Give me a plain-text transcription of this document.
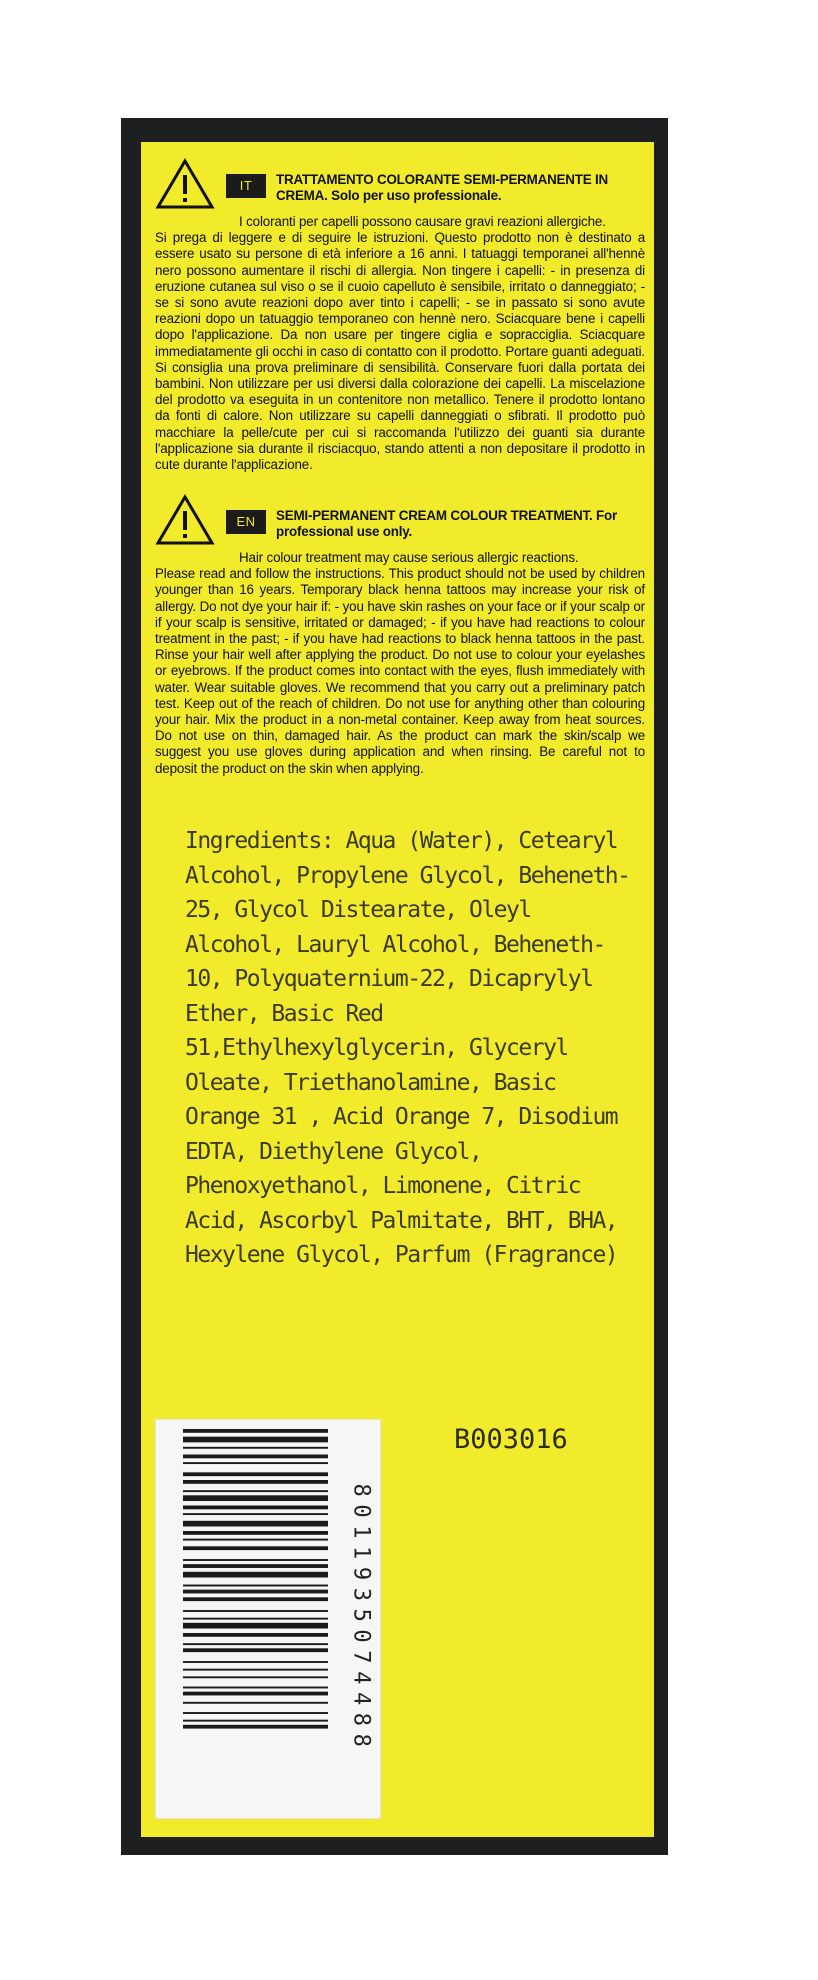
IT	TRATTAMENTO COLORANTE SEMI-PERMANENTE IN CREMA. Solo per uso professionale.
I coloranti per capelli possono causare gravi reazioni allergiche.
Si prega di leggere e di seguire le istruzioni. Questo prodotto non è destinato a essere usato su persone di età inferiore a 16 anni. I tatuaggi temporanei all'hennè nero possono aumentare il rischi di allergia. Non tingere i capelli: - in presenza di eruzione cutanea sul viso o se il cuoio capelluto è sensibile, irritato o danneggiato; - se si sono avute reazioni dopo aver tinto i capelli; - se in passato si sono avute reazioni dopo un tatuaggio temporaneo con hennè nero. Sciacquare bene i capelli dopo l'applicazione. Da non usare per tingere ciglia e sopracciglia. Sciacquare immediatamente gli occhi in caso di contatto con il prodotto. Portare guanti adeguati. Si consiglia una prova preliminare di sensibilità. Conservare fuori dalla portata dei bambini. Non utilizzare per usi diversi dalla colorazione dei capelli. La miscelazione del prodotto va eseguita in un contenitore non metallico. Tenere il prodotto lontano da fonti di calore. Non utilizzare su capelli danneggiati o sfibrati. Il prodotto può macchiare la pelle/cute per cui si raccomanda l'utilizzo dei guanti sia durante l'applicazione sia durante il risciacquo, stando attenti a non depositare il prodotto in cute durante l'applicazione.
EN	SEMI-PERMANENT CREAM COLOUR TREATMENT. For professional use only.
Hair colour treatment may cause serious allergic reactions.
Please read and follow the instructions. This product should not be used by children younger than 16 years. Temporary black henna tattoos may increase your risk of allergy. Do not dye your hair if: - you have skin rashes on your face or if your scalp or if your scalp is sensitive, irritated or damaged; - if you have had reactions to colour treatment in the past; - if you have had reactions to black henna tattoos in the past. Rinse your hair well after applying the product. Do not use to colour your eyelashes or eyebrows. If the product comes into contact with the eyes, flush immediately with water. Wear suitable gloves. We recommend that you carry out a preliminary patch test. Keep out of the reach of children. Do not use for anything other than colouring your hair. Mix the product in a non-metal container. Keep away from heat sources. Do not use on thin, damaged hair. As the product can mark the skin/scalp we suggest you use gloves during application and when rinsing. Be careful not to deposit the product on the skin when applying.
Ingredients: Aqua (Water), Cetearyl Alcohol, Propylene Glycol, Beheneth-25, Glycol Distearate, Oleyl Alcohol, Lauryl Alcohol, Beheneth-10, Polyquaternium-22, Dicaprylyl Ether, Basic Red 51,Ethylhexylglycerin, Glyceryl Oleate, Triethanolamine, Basic Orange 31 , Acid Orange 7, Disodium EDTA, Diethylene Glycol, Phenoxyethanol, Limonene, Citric Acid, Ascorbyl Palmitate, BHT, BHA, Hexylene Glycol, Parfum (Fragrance)
B003016
8011935074488
